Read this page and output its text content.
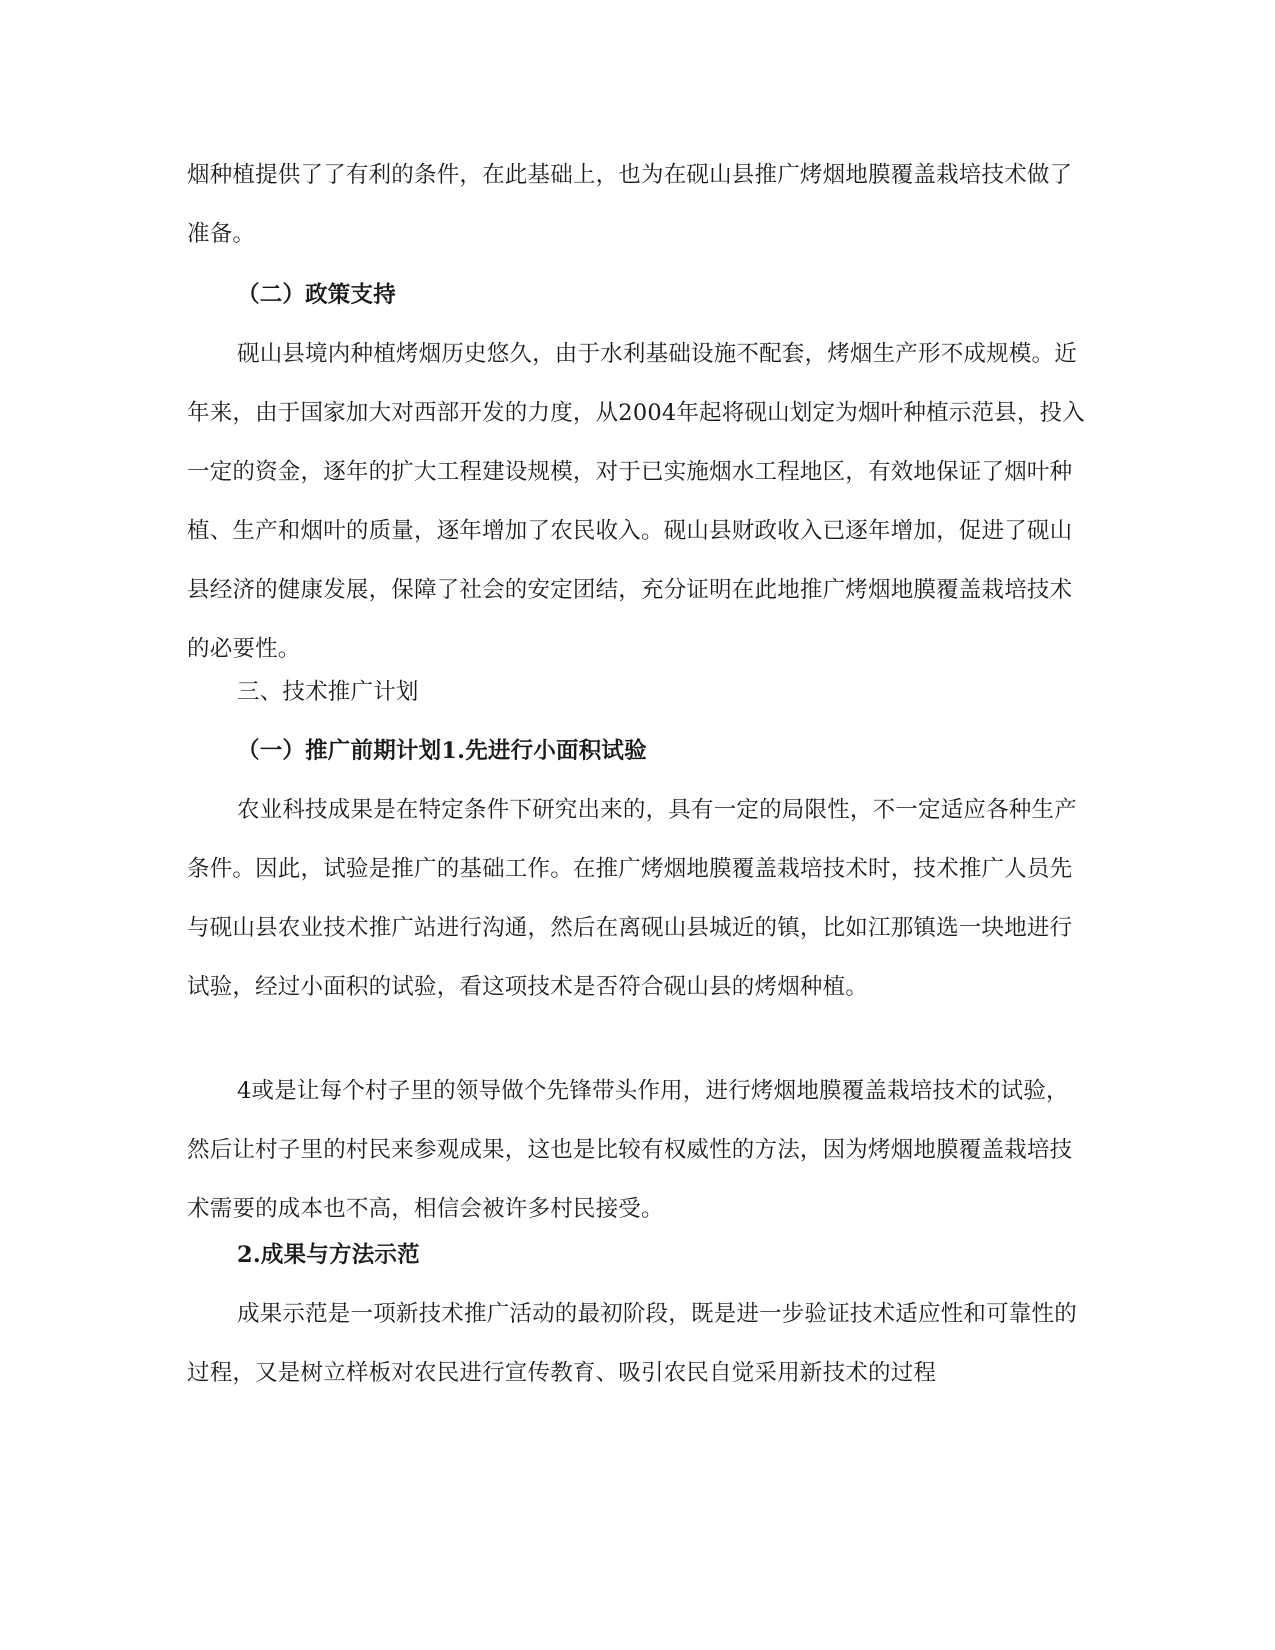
烟种植提供了了有利的条件，在此基础上，也为在砚山县推广烤烟地膜覆盖栽培技术做了准备。

（二）政策支持

砚山县境内种植烤烟历史悠久，由于水利基础设施不配套，烤烟生产形不成规模。近年来，由于国家加大对西部开发的力度，从2004年起将砚山划定为烟叶种植示范县，投入一定的资金，逐年的扩大工程建设规模，对于已实施烟水工程地区，有效地保证了烟叶种植、生产和烟叶的质量，逐年增加了农民收入。砚山县财政收入已逐年增加，促进了砚山县经济的健康发展，保障了社会的安定团结，充分证明在此地推广烤烟地膜覆盖栽培技术的必要性。

三、技术推广计划

（一）推广前期计划1.先进行小面积试验

农业科技成果是在特定条件下研究出来的，具有一定的局限性，不一定适应各种生产条件。因此，试验是推广的基础工作。在推广烤烟地膜覆盖栽培技术时，技术推广人员先与砚山县农业技术推广站进行沟通，然后在离砚山县城近的镇，比如江那镇选一块地进行试验，经过小面积的试验，看这项技术是否符合砚山县的烤烟种植。

4或是让每个村子里的领导做个先锋带头作用，进行烤烟地膜覆盖栽培技术的试验，然后让村子里的村民来参观成果，这也是比较有权威性的方法，因为烤烟地膜覆盖栽培技术需要的成本也不高，相信会被许多村民接受。

2.成果与方法示范

成果示范是一项新技术推广活动的最初阶段，既是进一步验证技术适应性和可靠性的过程，又是树立样板对农民进行宣传教育、吸引农民自觉采用新技术的过程
